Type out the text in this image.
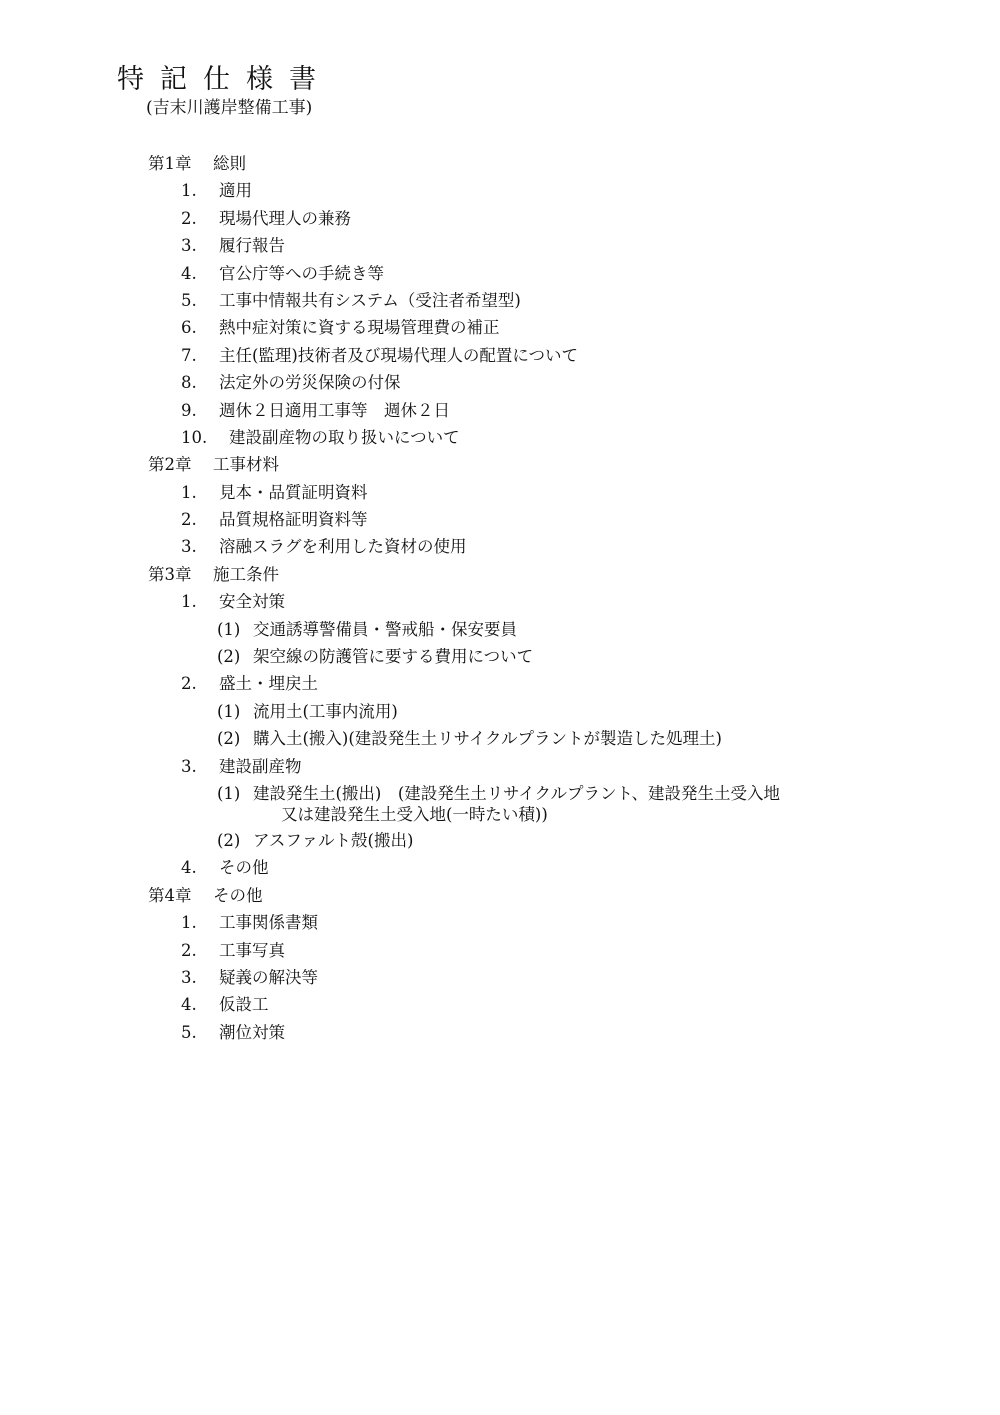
特記仕様書
(吉末川護岸整備工事)
第1章 総則
1. 適用
2. 現場代理人の兼務
3. 履行報告
4. 官公庁等への手続き等
5. 工事中情報共有システム（受注者希望型)
6. 熱中症対策に資する現場管理費の補正
7. 主任(監理)技術者及び現場代理人の配置について
8. 法定外の労災保険の付保
9. 週休２日適用工事等　週休２日
10. 建設副産物の取り扱いについて
第2章 工事材料
1. 見本・品質証明資料
2. 品質規格証明資料等
3. 溶融スラグを利用した資材の使用
第3章 施工条件
1. 安全対策
(1) 交通誘導警備員・警戒船・保安要員
(2) 架空線の防護管に要する費用について
2. 盛土・埋戻土
(1) 流用土(工事内流用)
(2) 購入土(搬入)(建設発生土リサイクルプラントが製造した処理土)
3. 建設副産物
(1) 建設発生土(搬出)　(建設発生土リサイクルプラント、建設発生土受入地

又は建設発生土受入地(一時たい積))
(2) アスファルト殻(搬出)
4. その他
第4章 その他
1. 工事関係書類
2. 工事写真
3. 疑義の解決等
4. 仮設工
5. 潮位対策
